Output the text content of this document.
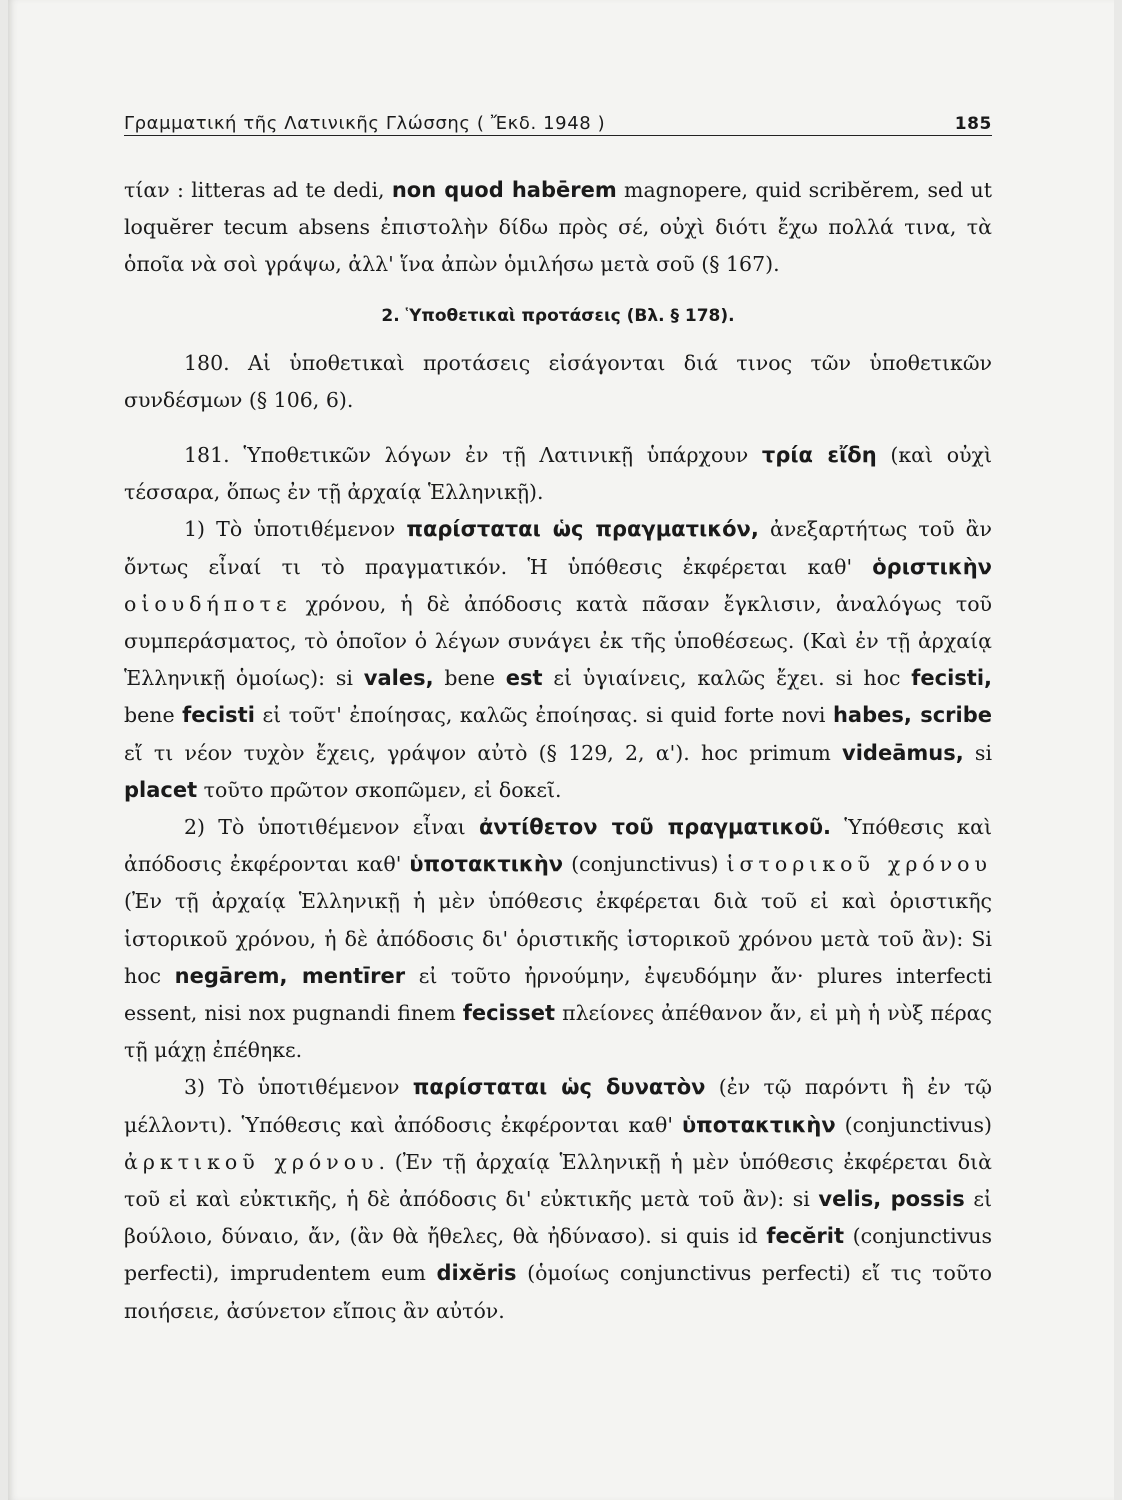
Γραμματική τῆς Λατινικῆς Γλώσσης ( Ἔκδ. 1948 )	185

τίαν : litteras ad te dedi, non quod habērem magnopere, quid scribĕrem, sed ut loquĕrer tecum absens ἐπιστολὴν δίδω πρὸς σέ, οὐχὶ διότι ἔχω πολλά τινα, τὰ ὁποῖα νὰ σοὶ γράψω, ἀλλ' ἵνα ἀπὼν ὁμιλήσω μετὰ σοῦ (§ 167).

2. Ὑποθετικαὶ προτάσεις (Βλ. § 178).

180. Αἱ ὑποθετικαὶ προτάσεις εἰσάγονται διά τινος τῶν ὑποθετικῶν συνδέσμων (§ 106, 6).

181. Ὑποθετικῶν λόγων ἐν τῇ Λατινικῇ ὑπάρχουν τρία εἴδη (καὶ οὐχὶ τέσσαρα, ὅπως ἐν τῇ ἀρχαίᾳ Ἑλληνικῇ).

1) Τὸ ὑποτιθέμενον παρίσταται ὡς πραγματικόν, ἀνεξαρτήτως τοῦ ἂν ὄντως εἶναί τι τὸ πραγματικόν. Ἡ ὑπόθεσις ἐκφέρεται καθ' ὁριστικὴν οἱουδήποτε χρόνου, ἡ δὲ ἀπόδοσις κατὰ πᾶσαν ἔγκλισιν, ἀναλόγως τοῦ συμπεράσματος, τὸ ὁποῖον ὁ λέγων συνάγει ἐκ τῆς ὑποθέσεως. (Καὶ ἐν τῇ ἀρχαίᾳ Ἑλληνικῇ ὁμοίως): si vales, bene est εἰ ὑγιαίνεις, καλῶς ἔχει. si hoc fecisti, bene fecisti εἰ τοῦτ' ἐποίησας, καλῶς ἐποίησας. si quid forte novi habes, scribe εἴ τι νέον τυχὸν ἔχεις, γράψον αὐτὸ (§ 129, 2, α'). hoc primum videāmus, si placet τοῦτο πρῶτον σκοπῶμεν, εἰ δοκεῖ.

2) Τὸ ὑποτιθέμενον εἶναι ἀντίθετον τοῦ πραγματικοῦ. Ὑπόθεσις καὶ ἀπόδοσις ἐκφέρονται καθ' ὑποτακτικὴν (conjunctivus) ἱστορικοῦ χρόνου (Ἐν τῇ ἀρχαίᾳ Ἑλληνικῇ ἡ μὲν ὑπόθεσις ἐκφέρεται διὰ τοῦ εἰ καὶ ὁριστικῆς ἱστορικοῦ χρόνου, ἡ δὲ ἀπόδοσις δι' ὁριστικῆς ἱστορικοῦ χρόνου μετὰ τοῦ ἂν): Si hoc negārem, mentīrer εἰ τοῦτο ἠρνούμην, ἐψευδόμην ἄν· plures interfecti essent, nisi nox pugnandi finem fecisset πλείονες ἀπέθανον ἄν, εἰ μὴ ἡ νὺξ πέρας τῇ μάχῃ ἐπέθηκε.

3) Τὸ ὑποτιθέμενον παρίσταται ὡς δυνατὸν (ἐν τῷ παρόντι ἢ ἐν τῷ μέλλοντι). Ὑπόθεσις καὶ ἀπόδοσις ἐκφέρονται καθ' ὑποτακτικὴν (conjunctivus) ἀρκτικοῦ χρόνου. (Ἐν τῇ ἀρχαίᾳ Ἑλληνικῇ ἡ μὲν ὑπόθεσις ἐκφέρεται διὰ τοῦ εἰ καὶ εὐκτικῆς, ἡ δὲ ἀπόδοσις δι' εὐκτικῆς μετὰ τοῦ ἂν): si velis, possis εἰ βούλοιο, δύναιο, ἄν, (ἂν θὰ ἤθελες, θὰ ἠδύνασο). si quis id fecĕrit (conjunctivus perfecti), imprudentem eum dixĕris (ὁμοίως conjunctivus perfecti) εἴ τις τοῦτο ποιήσειε, ἀσύνετον εἴποις ἂν αὐτόν.
